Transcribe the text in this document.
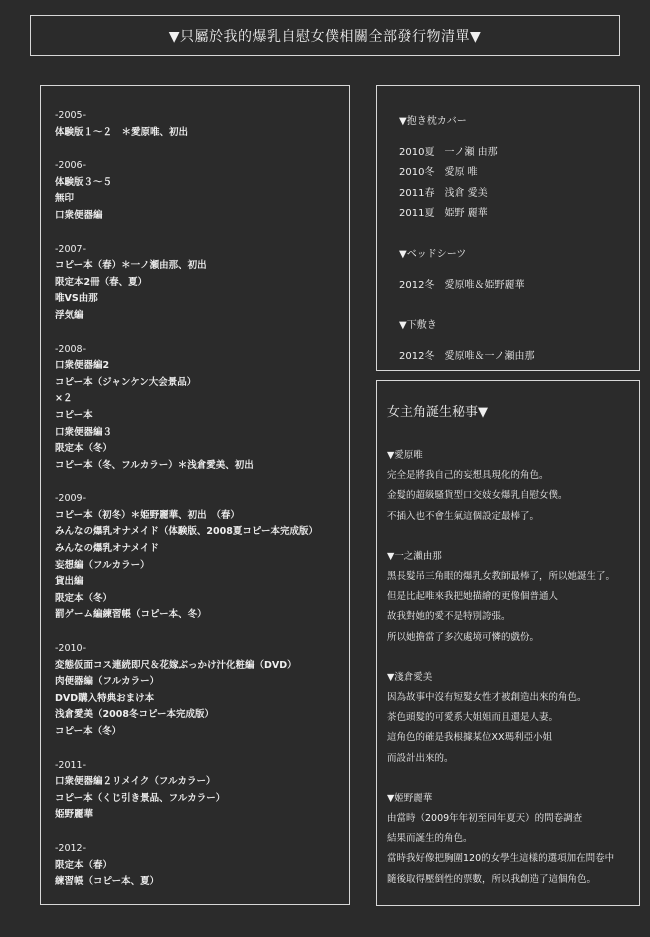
▼只屬於我的爆乳自慰女僕相關全部發行物清單▼
-2005-
体験版１～２　＊愛原唯、初出
-2006-
体験版３～５
無印
口衆便器編
-2007-
コピー本（春）＊一ノ瀬由那、初出
限定本2冊（春、夏）
唯VS由那
浮気編
-2008-
口衆便器編2
コピー本（ジャンケン大会景品）
×２
コピー本
口衆便器編３
限定本（冬）
コピー本（冬、フルカラー）＊浅倉愛美、初出
-2009-
コピー本（初冬）＊姫野麗華、初出　（春）
みんなの爆乳オナメイド（体験版、2008夏コピー本完成版）
みんなの爆乳オナメイド
妄想編（フルカラー）
貸出編
限定本（冬）
罰ゲーム編練習帳（コピー本、冬）
-2010-
変態仮面コス連続即尺＆花嫁ぶっかけ汁化粧編（DVD）
肉便器編（フルカラー）
DVD購入特典おまけ本
浅倉愛美（2008冬コピー本完成版）
コピー本（冬）
-2011-
口衆便器編２リメイク（フルカラー）
コピー本（くじ引き景品、フルカラー）
姫野麗華
-2012-
限定本（春）
練習帳（コピー本、夏）
▼抱き枕カバー
2010夏　一ノ瀬 由那
2010冬　愛原 唯
2011春　浅倉 愛美
2011夏　姫野 麗華
▼ベッドシーツ
2012冬　愛原唯＆姫野麗華
▼下敷き
2012冬　愛原唯＆一ノ瀬由那
女主角誕生秘事▼
▼愛原唯
完全是將我自己的妄想具現化的角色。
金髮的超級騷貨型口交妓女爆乳自慰女僕。
不插入也不會生氣這個設定最棒了。
▼一之瀨由那
黑長髮吊三角眼的爆乳女教師最棒了，所以她誕生了。
但是比起唯來我把她描繪的更像個普通人
故我對她的愛不是特別誇張。
所以她擔當了多次處境可憐的戲份。
▼淺倉愛美
因為故事中沒有短髮女性才被創造出來的角色。
茶色頭髮的可愛系大姐姐而且還是人妻。
這角色的確是我根據某位XX瑪利亞小姐
而設計出來的。
▼姬野麗華
由當時（2009年年初至同年夏天）的問卷調查
結果而誕生的角色。
當時我好像把胸圍120的女學生這樣的選項加在問卷中
隨後取得壓倒性的票數，所以我創造了這個角色。
